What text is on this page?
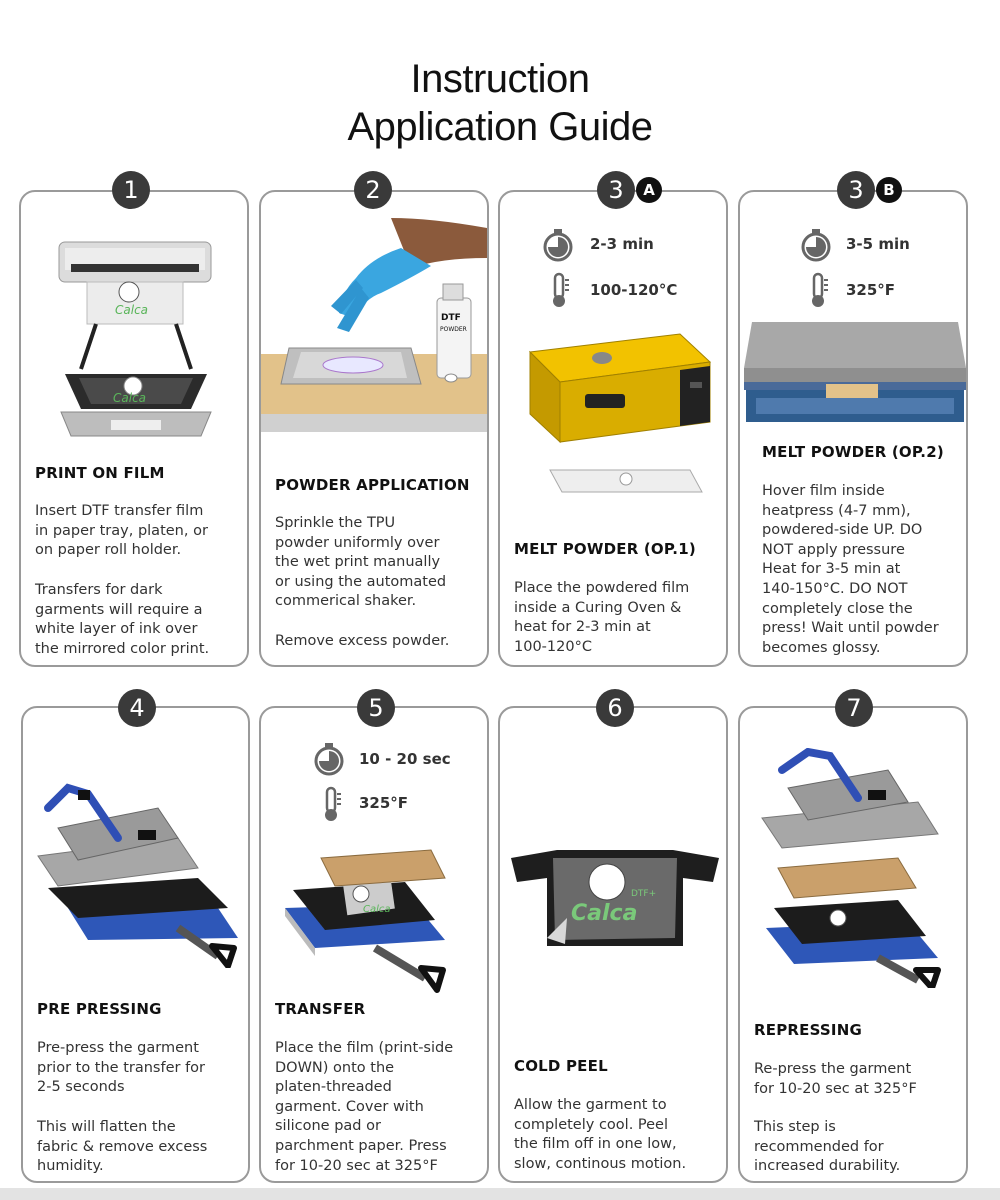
Instruction
Application Guide
Calca
Calca
PRINT ON FILM
Insert DTF transfer film
in paper tray, platen, or
on paper roll holder.
Transfers for dark
garments will require a
white layer of ink over
the mirrored color print.
1
DTF
POWDER
POWDER APPLICATION
Sprinkle the TPU
powder uniformly over
the wet print manually
or using the automated
commerical shaker.
Remove excess powder.
2
2-3 min
100-120°C
MELT POWDER (OP.1)
Place the powdered film
inside a Curing Oven &
heat for 2-3 min at
100-120°C
3	A
3-5 min
325°F
MELT POWDER (OP.2)
Hover film inside
heatpress (4-7 mm),
powdered-side UP. DO
NOT apply pressure
Heat for 3-5 min at
140-150°C. DO NOT
completely close the
press! Wait until powder
becomes glossy.
3	B
PRE PRESSING
Pre-press the garment
prior to the transfer for
2-5 seconds
This will flatten the
fabric & remove excess
humidity.
4
10 - 20 sec
325°F
Calca
TRANSFER
Place the film (print-side
DOWN) onto the
platen-threaded
garment. Cover with
silicone pad or
parchment paper. Press
for 10-20 sec at 325°F
5
Calca
DTF+
COLD PEEL
Allow the garment to
completely cool. Peel
the film off in one low,
slow, continous motion.
6
REPRESSING
Re-press the garment
for 10-20 sec at 325°F
This step is
recommended for
increased durability.
7
